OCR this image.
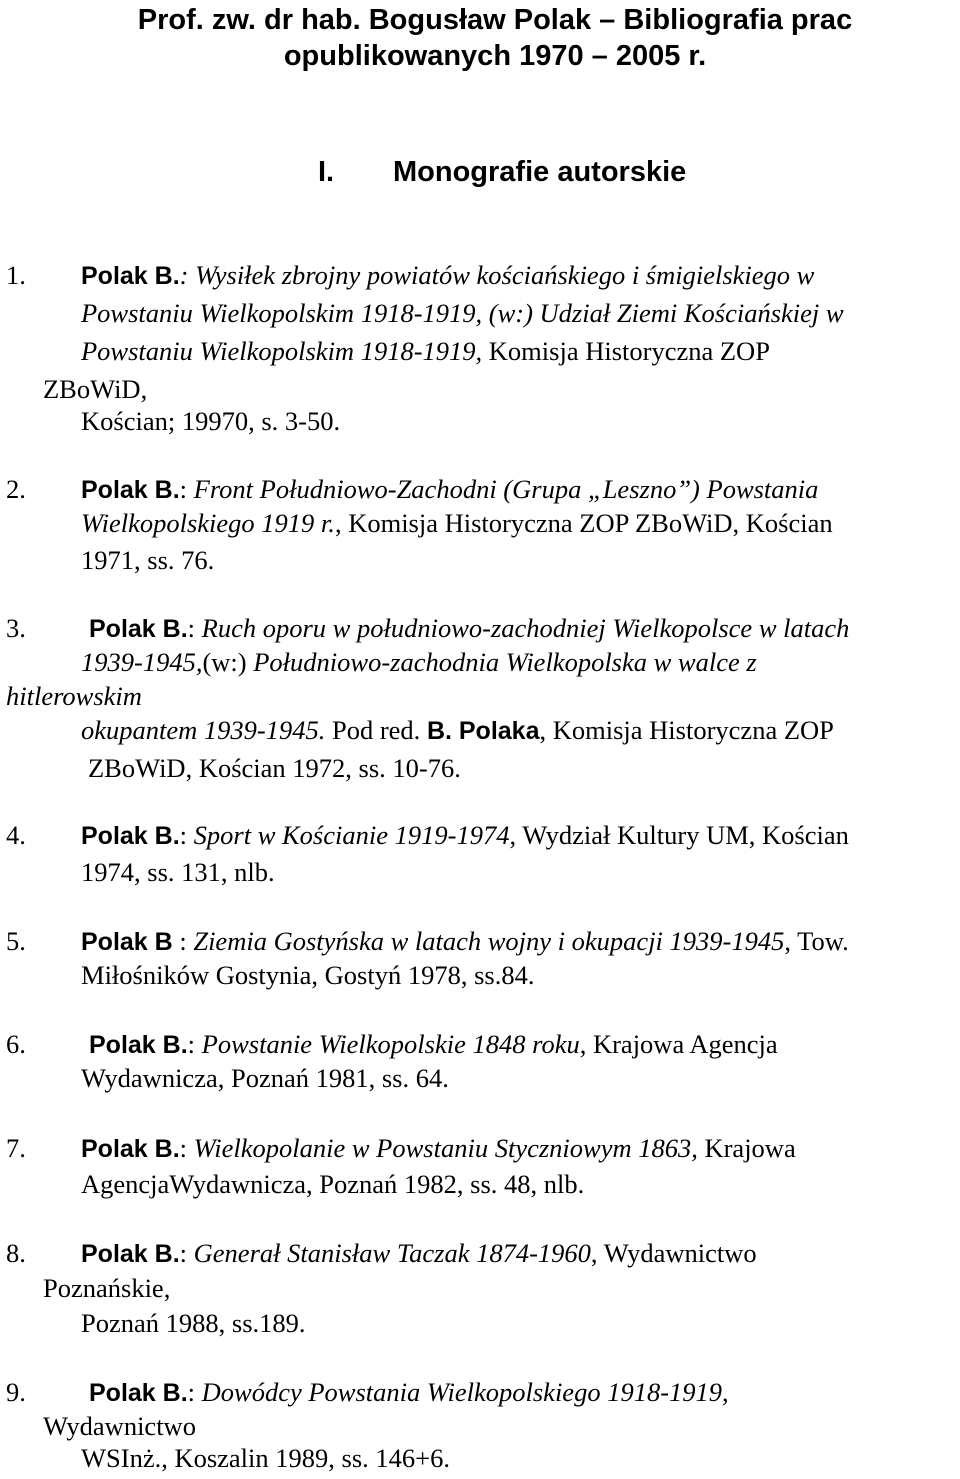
Prof. zw. dr hab. Bogusław Polak – Bibliografia prac
opublikowanych 1970 – 2005 r.
I. Monografie autorskie
1. Polak B.: Wysiłek zbrojny powiatów kościańskiego i śmigielskiego w
Powstaniu Wielkopolskim 1918-1919, (w:) Udział Ziemi Kościańskiej w
Powstaniu Wielkopolskim 1918-1919, Komisja Historyczna ZOP
ZBoWiD,
Kościan; 19970, s. 3-50.
2. Polak B.: Front Południowo-Zachodni (Grupa „Leszno”) Powstania
Wielkopolskiego 1919 r., Komisja Historyczna ZOP ZBoWiD, Kościan
1971, ss. 76.
3.	Polak B.: Ruch oporu w południowo-zachodniej Wielkopolsce w latach
1939-1945,(w:) Południowo-zachodnia Wielkopolska w walce z
hitlerowskim
okupantem 1939-1945. Pod red. B. Polaka, Komisja Historyczna ZOP
ZBoWiD, Kościan 1972, ss. 10-76.
4. Polak B.: Sport w Kościanie 1919-1974, Wydział Kultury UM, Kościan
1974, ss. 131, nlb.
5. Polak B : Ziemia Gostyńska w latach wojny i okupacji 1939-1945, Tow.
Miłośników Gostynia, Gostyń 1978, ss.84.
6.	Polak B.: Powstanie Wielkopolskie 1848 roku, Krajowa Agencja
Wydawnicza, Poznań 1981, ss. 64.
7. Polak B.: Wielkopolanie w Powstaniu Styczniowym 1863, Krajowa
AgencjaWydawnicza, Poznań 1982, ss. 48, nlb.
8. Polak B.: Generał Stanisław Taczak 1874-1960, Wydawnictwo
Poznańskie,
Poznań 1988, ss.189.
9.	Polak B.: Dowódcy Powstania Wielkopolskiego 1918-1919,
Wydawnictwo
WSInż., Koszalin 1989, ss. 146+6.
